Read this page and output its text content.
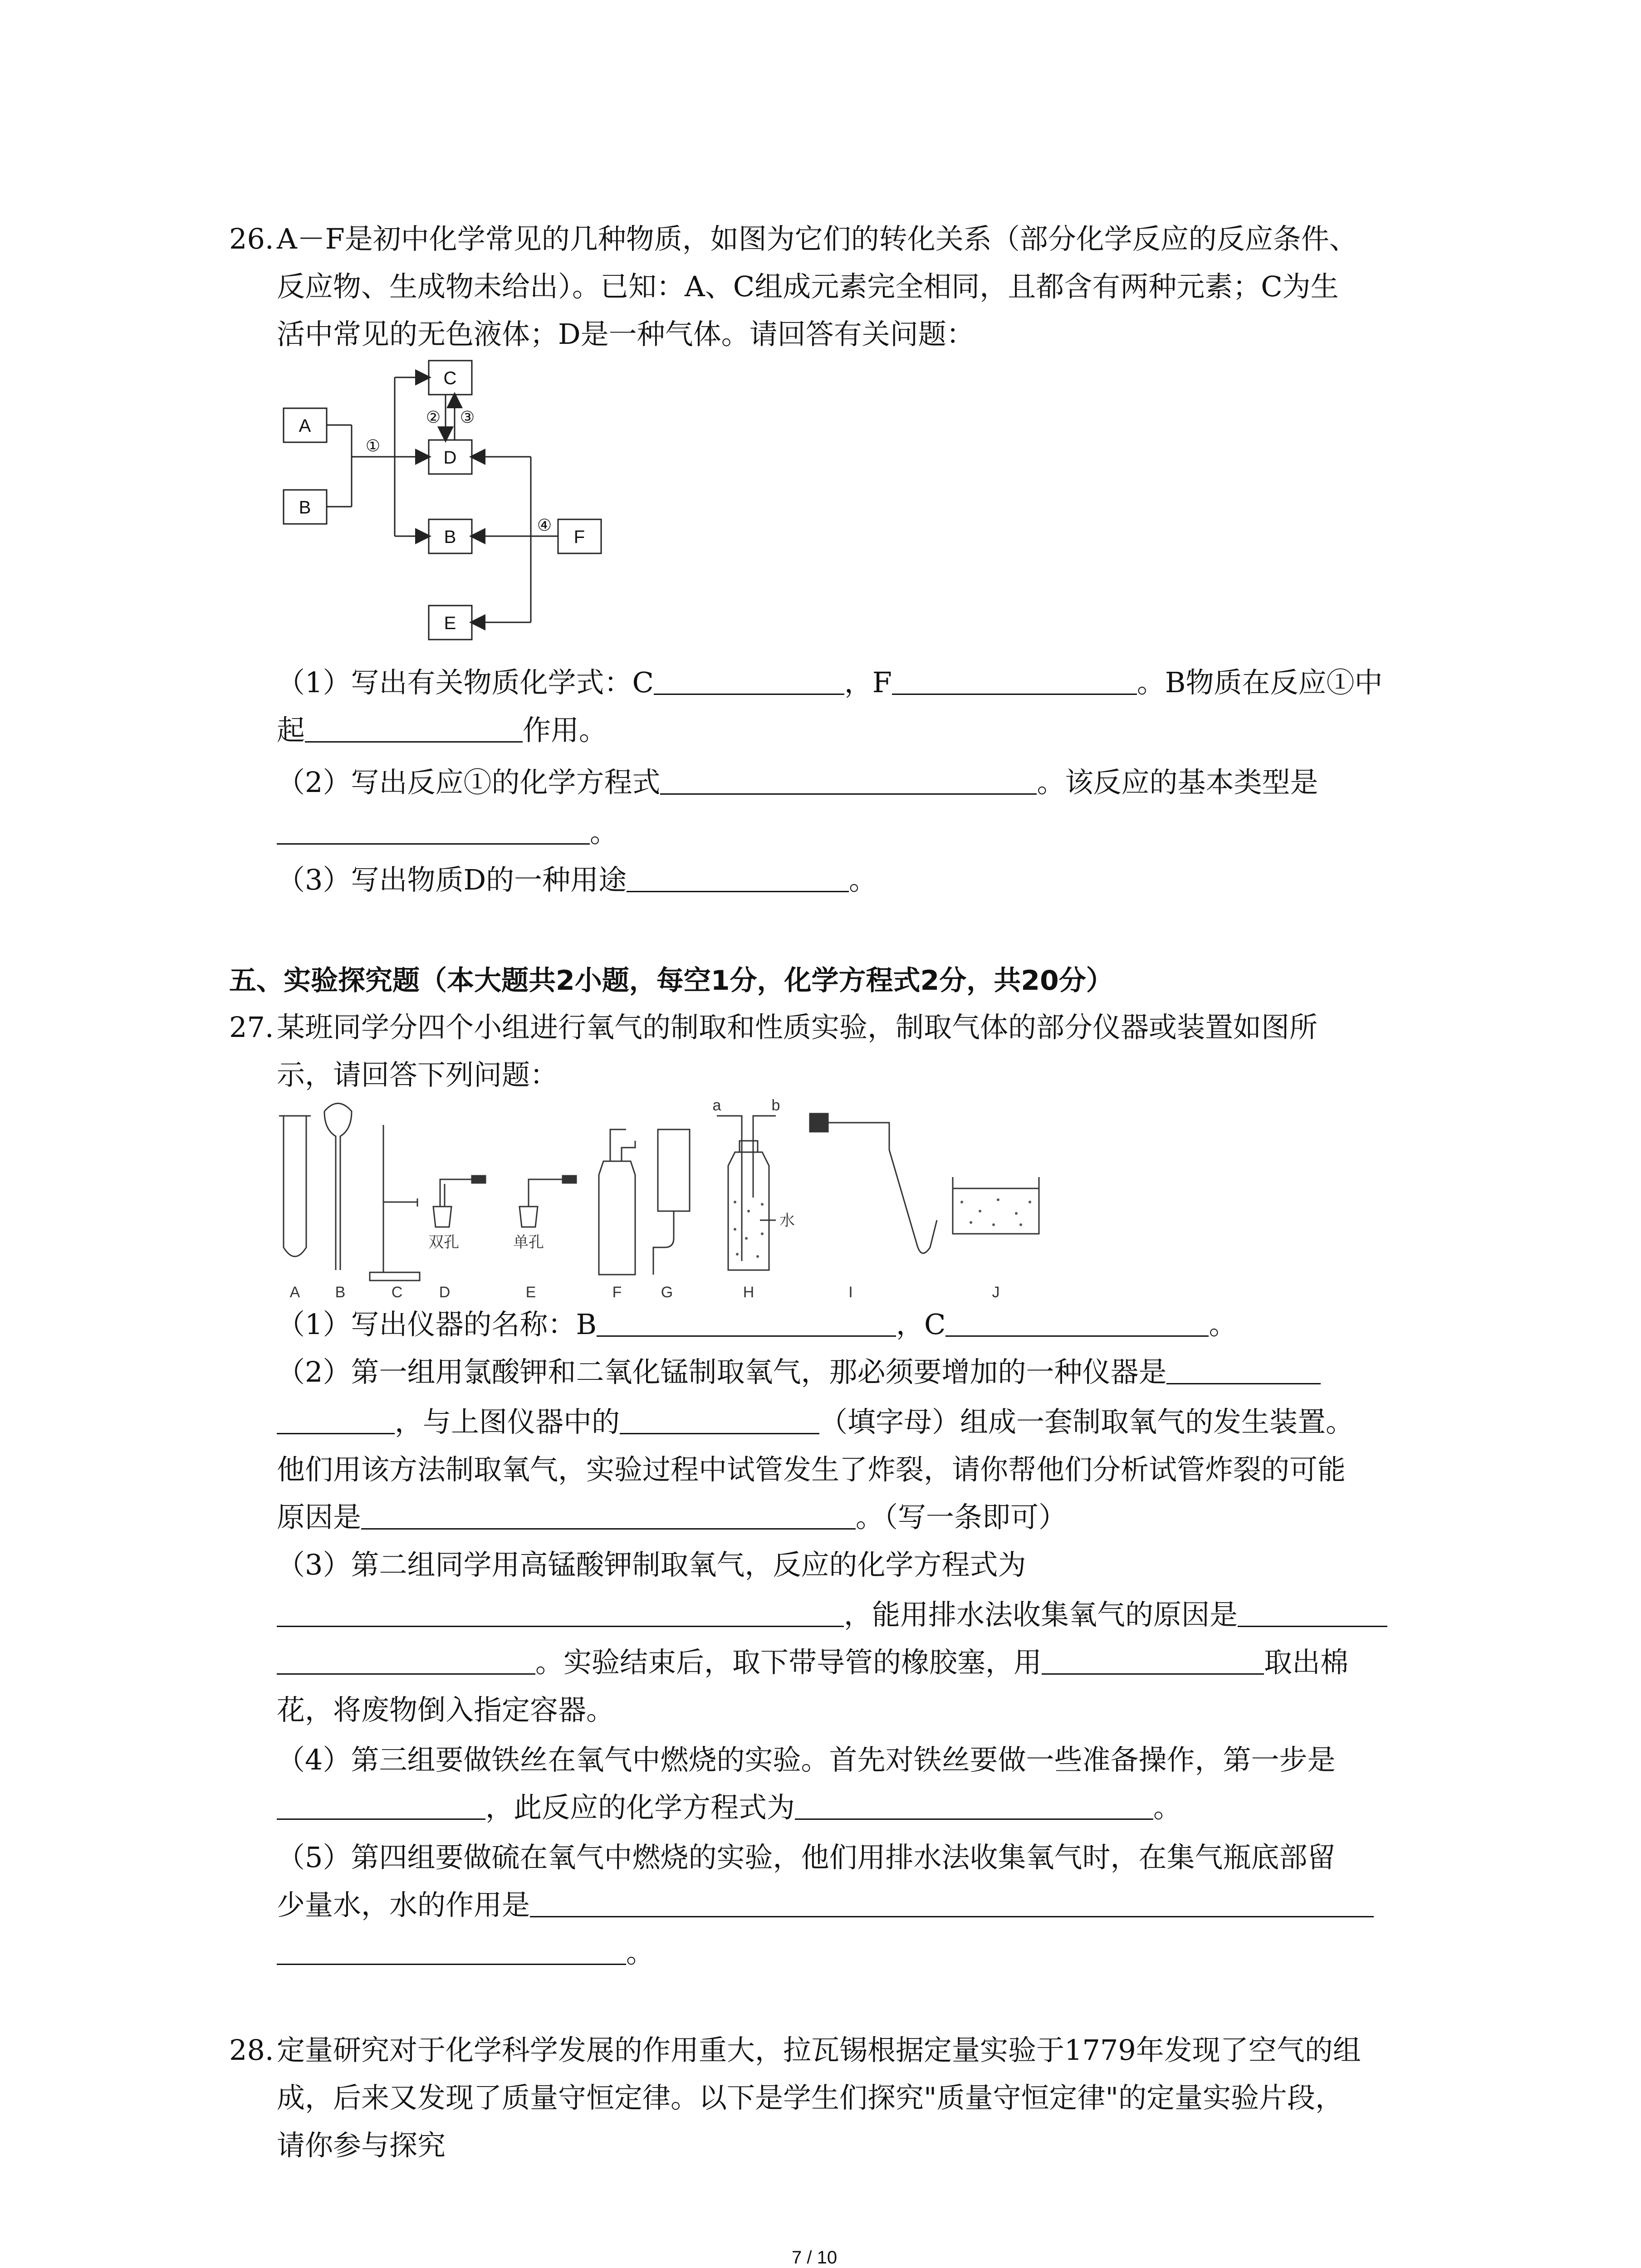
26. A－F是初中化学常见的几种物质，如图为它们的转化关系（部分化学反应的反应条件、
反应物、生成物未给出）。已知：A、C组成元素完全相同，且都含有两种元素；C为生
活中常见的无色液体；D是一种气体。请回答有关问题：
A
B
C
D
B
E
F
①
② ③
④
（1）写出有关物质化学式：C	，F	。B物质在反应①中
起	作用。
（2）写出反应①的化学方程式	。该反应的基本类型是
。
（3）写出物质D的一种用途	。
五、实验探究题（本大题共2小题，每空1分，化学方程式2分，共20分）
27. 某班同学分四个小组进行氧气的制取和性质实验，制取气体的部分仪器或装置如图所
示，请回答下列问题：
A B	C D	E	F	G	H	I	J
双孔	单孔
水
a	b
（1）写出仪器的名称：B	，C	。
（2）第一组用氯酸钾和二氧化锰制取氧气，那必须要增加的一种仪器是
，与上图仪器中的	（填字母）组成一套制取氧气的发生装置。
他们用该方法制取氧气，实验过程中试管发生了炸裂，请你帮他们分析试管炸裂的可能
原因是	。（写一条即可）
（3）第二组同学用高锰酸钾制取氧气，反应的化学方程式为
，能用排水法收集氧气的原因是
。实验结束后，取下带导管的橡胶塞，用	取出棉
花，将废物倒入指定容器。
（4）第三组要做铁丝在氧气中燃烧的实验。首先对铁丝要做一些准备操作，第一步是
，此反应的化学方程式为	。
（5）第四组要做硫在氧气中燃烧的实验，他们用排水法收集氧气时，在集气瓶底部留
少量水，水的作用是
。
28. 定量研究对于化学科学发展的作用重大，拉瓦锡根据定量实验于1779年发现了空气的组
成，后来又发现了质量守恒定律。以下是学生们探究"质量守恒定律"的定量实验片段，
请你参与探究
7 / 10
